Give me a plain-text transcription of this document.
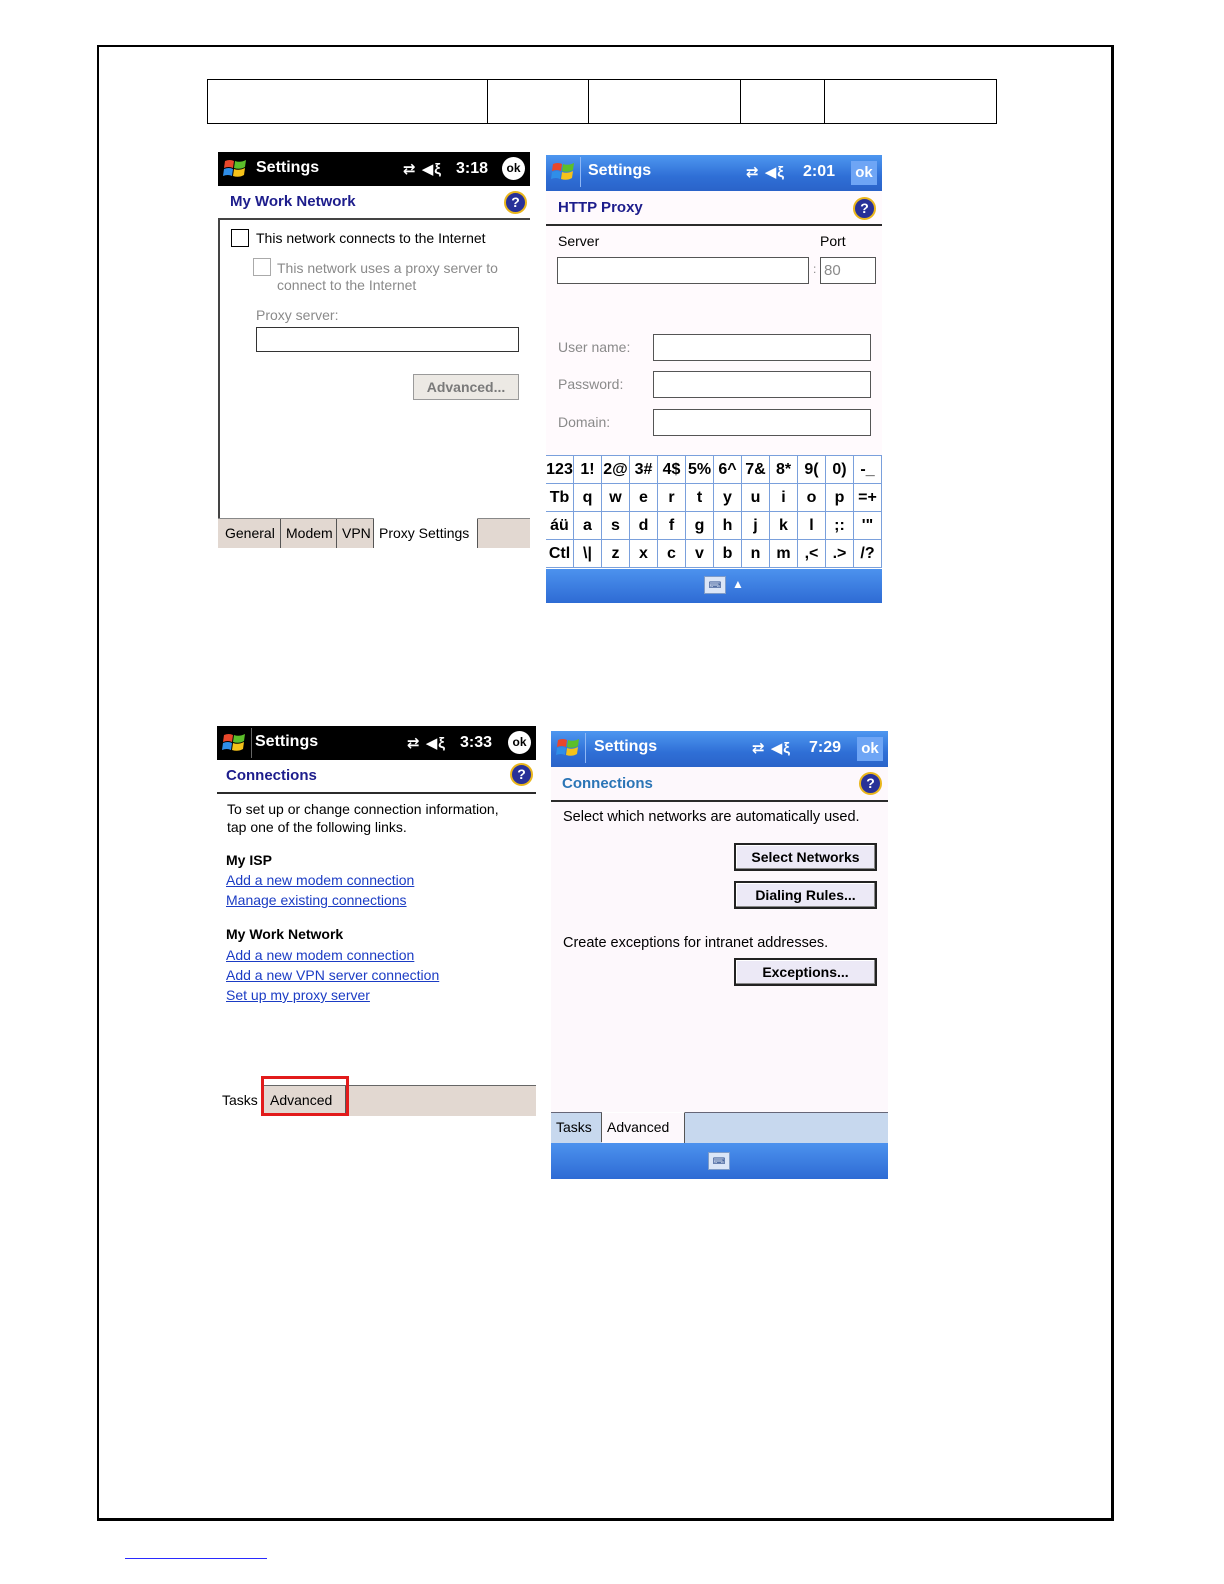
Settings	⇄ ◀ξ 3:18	ok
My Work Network	?
This network connects to the Internet
This network uses a proxy server to
connect to the Internet
Proxy server:
Advanced...
General Modem VPN Proxy Settings
Settings	⇄ ◀ξ 2:01 ok
HTTP Proxy	?
Server	Port
: 80
User name:
Password:
Domain:
123 1! 2@ 3# 4$ 5% 6^ 7& 8* 9( 0) -_
Tb q	w	e	r	t	y	u	i	o	p =+
áü a	s	d	f	g	h	j	k	l	;:	'"
Ctl \|	z	x	c	v	b	n m ,< .> /?
⌨ ▲
Settings	⇄ ◀ξ 3:33	ok
Connections	?
To set up or change connection information,
tap one of the following links.
My ISP
Add a new modem connection
Manage existing connections
My Work Network
Add a new modem connection
Add a new VPN server connection
Set up my proxy server
Tasks Advanced
Settings	⇄ ◀ξ 7:29 ok
Connections	?
Select which networks are automatically used.
Select Networks
Dialing Rules...
Create exceptions for intranet addresses.
Exceptions...
Tasks	Advanced
⌨
